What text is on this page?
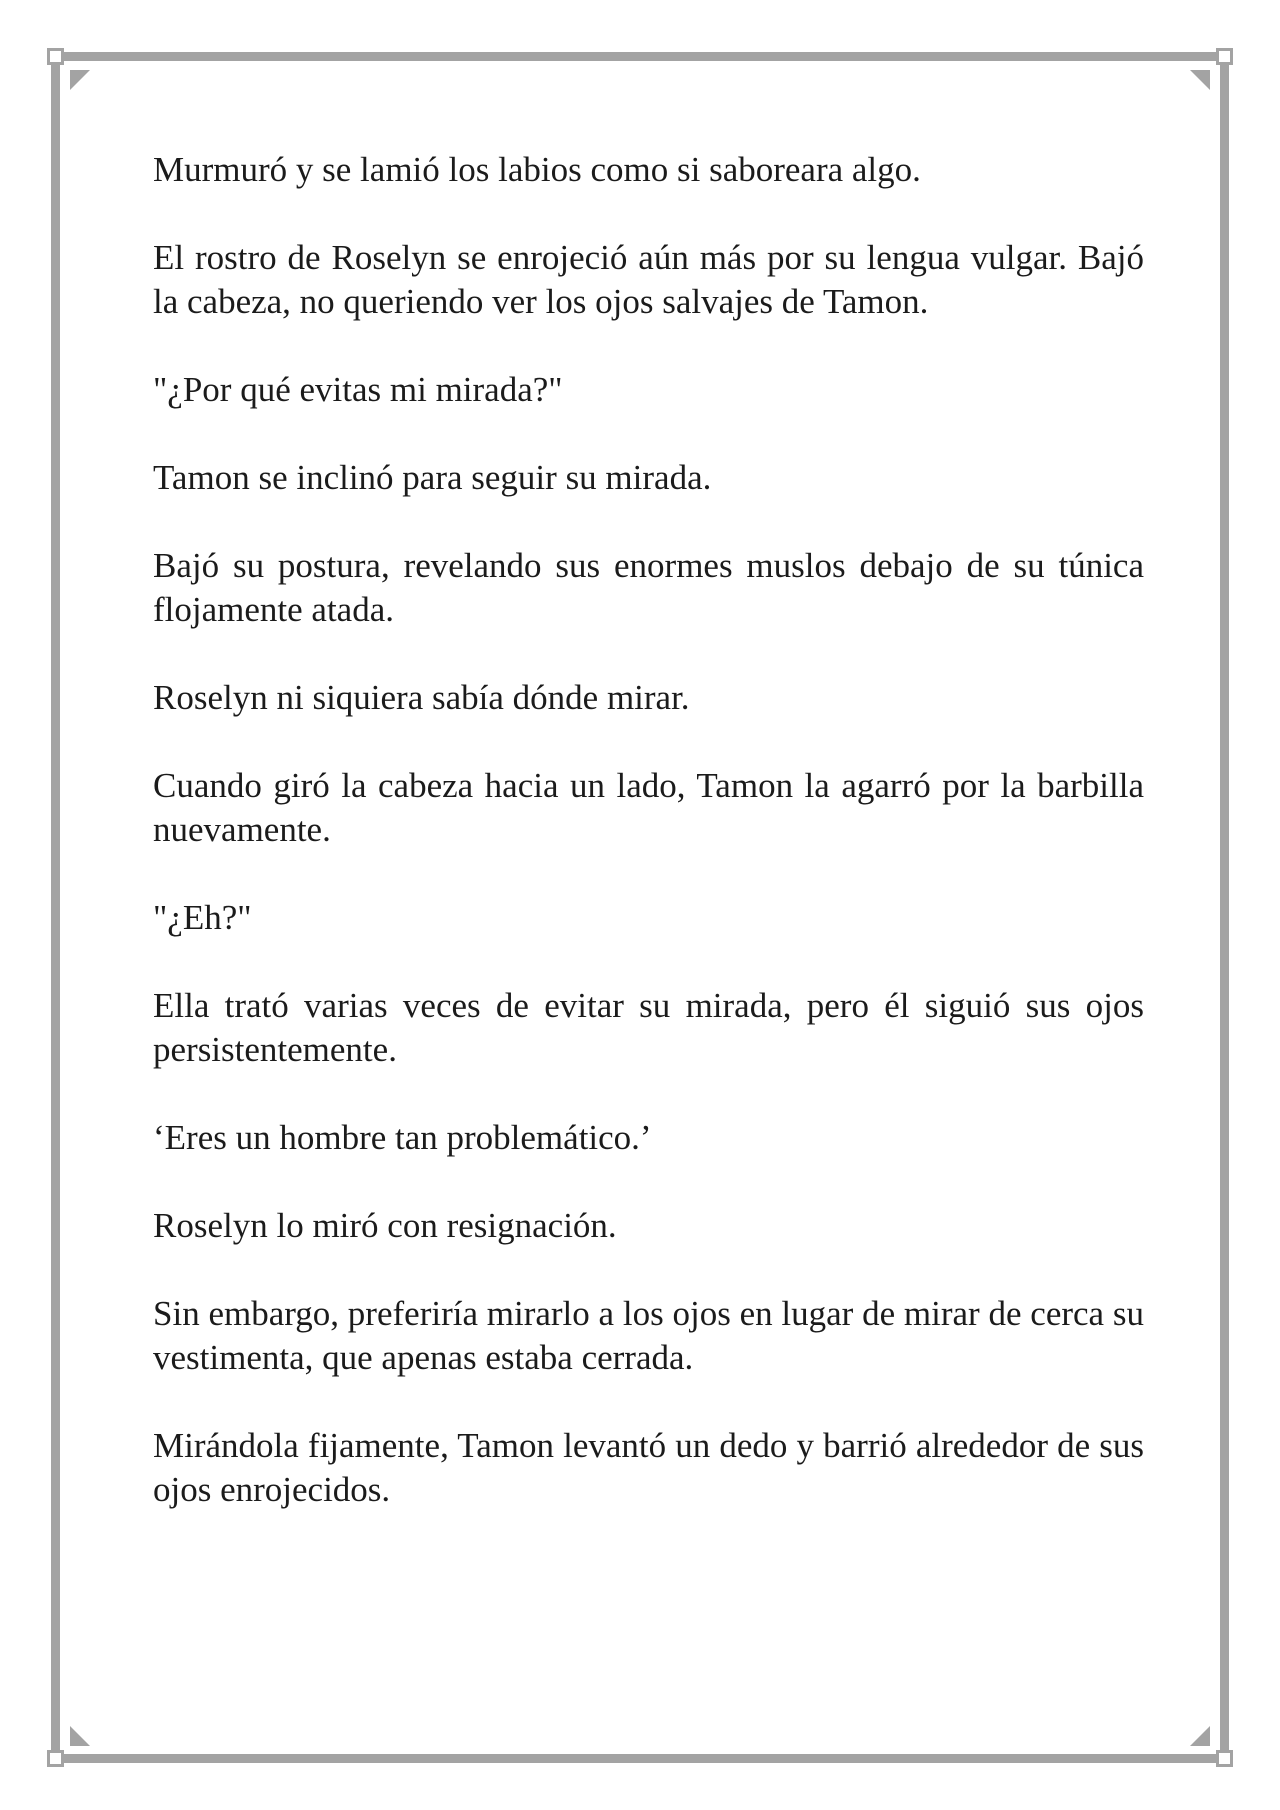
Murmuró y se lamió los labios como si saboreara algo.

El rostro de Roselyn se enrojeció aún más por su lengua vulgar. Bajó la cabeza, no queriendo ver los ojos salvajes de Tamon.

"¿Por qué evitas mi mirada?"

Tamon se inclinó para seguir su mirada.

Bajó su postura, revelando sus enormes muslos debajo de su túnica flojamente atada.

Roselyn ni siquiera sabía dónde mirar.

Cuando giró la cabeza hacia un lado, Tamon la agarró por la barbilla nuevamente.

"¿Eh?"

Ella trató varias veces de evitar su mirada, pero él siguió sus ojos persistentemente.

‘Eres un hombre tan problemático.’

Roselyn lo miró con resignación.

Sin embargo, preferiría mirarlo a los ojos en lugar de mirar de cerca su vestimenta, que apenas estaba cerrada.

Mirándola fijamente, Tamon levantó un dedo y barrió alrededor de sus ojos enrojecidos.
